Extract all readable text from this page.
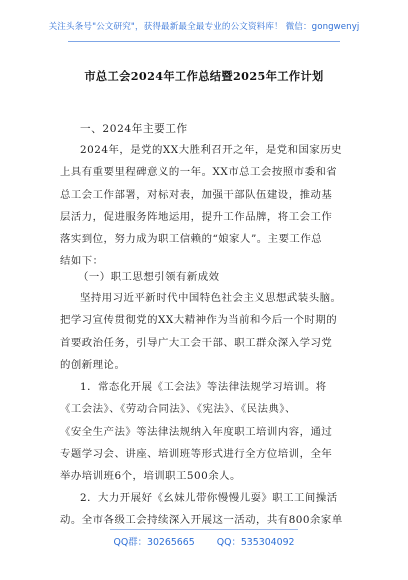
关注头条号"公文研究"，获得最新最全最专业的公文资料库！ 微信：gongwenyj
市总工会2024年工作总结暨2025年工作计划
一、2024年主要工作
2024年，是党的XX大胜利召开之年，是党和国家历史
上具有重要里程碑意义的一年。XX市总工会按照市委和省
总工会工作部署，对标对表，加强干部队伍建设，推动基
层活力，促进服务阵地运用，提升工作品牌，将工会工作
落实到位，努力成为职工信赖的“娘家人”。主要工作总
结如下：
（一）职工思想引领有新成效
坚持用习近平新时代中国特色社会主义思想武装头脑。
把学习宣传贯彻党的XX大精神作为当前和今后一个时期的
首要政治任务，引导广大工会干部、职工群众深入学习党
的创新理论。
1．常态化开展《工会法》等法律法规学习培训。将
《工会法》、《劳动合同法》、《宪法》、《民法典》、
《安全生产法》等法律法规纳入年度职工培训内容，通过
专题学习会、讲座、培训班等形式进行全方位培训，全年
举办培训班6个，培训职工500余人。
2．大力开展好《幺妹儿带你慢慢儿耍》职工工间操活
动。全市各级工会持续深入开展这一活动，共有800余家单
QQ群：30265665 QQ：535304092
